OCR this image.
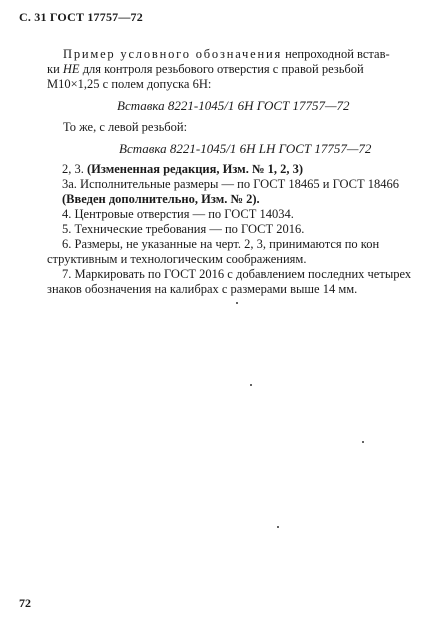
С. 31 ГОСТ 17757—72
Пример условного обозначения непроходной встав-
ки НЕ для контроля резьбового отверстия с правой резьбой
М10×1,25 с полем допуска 6Н:
Вставка 8221-1045/1 6Н ГОСТ 17757—72
То же, с левой резьбой:
Вставка 8221-1045/1 6Н LН ГОСТ 17757—72
2, 3. (Измененная редакция, Изм. № 1, 2, 3)
3а. Исполнительные размеры — по ГОСТ 18465 и ГОСТ 18466
(Введен дополнительно, Изм. № 2).
4. Центровые отверстия — по ГОСТ 14034.
5. Технические требования — по ГОСТ 2016.
6. Размеры, не указанные на черт. 2, 3, принимаются по кон
структивным и технологическим соображениям.
7. Маркировать по ГОСТ 2016 с добавлением последних четырех
знаков обозначения на калибрах с размерами выше 14 мм.
72
